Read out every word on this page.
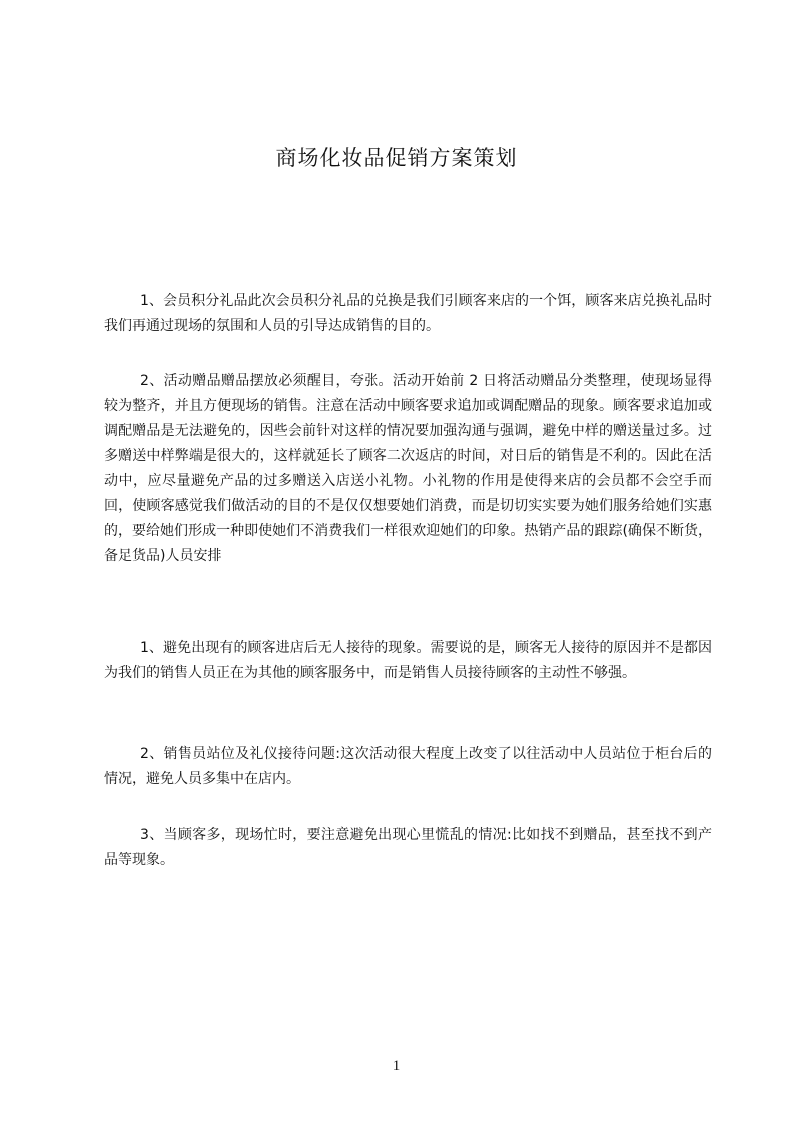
商场化妆品促销方案策划

1、会员积分礼品此次会员积分礼品的兑换是我们引顾客来店的一个饵，顾客来店兑换礼品时我们再通过现场的氛围和人员的引导达成销售的目的。

2、活动赠品赠品摆放必须醒目，夸张。活动开始前 2 日将活动赠品分类整理，使现场显得较为整齐，并且方便现场的销售。注意在活动中顾客要求追加或调配赠品的现象。顾客要求追加或调配赠品是无法避免的，因些会前针对这样的情况要加强沟通与强调，避免中样的赠送量过多。过多赠送中样弊端是很大的，这样就延长了顾客二次返店的时间，对日后的销售是不利的。因此在活动中，应尽量避免产品的过多赠送入店送小礼物。小礼物的作用是使得来店的会员都不会空手而回，使顾客感觉我们做活动的目的不是仅仅想要她们消费，而是切切实实要为她们服务给她们实惠的，要给她们形成一种即使她们不消费我们一样很欢迎她们的印象。热销产品的跟踪(确保不断货，备足货品)人员安排

1、避免出现有的顾客进店后无人接待的现象。需要说的是，顾客无人接待的原因并不是都因为我们的销售人员正在为其他的顾客服务中，而是销售人员接待顾客的主动性不够强。

2、销售员站位及礼仪接待问题:这次活动很大程度上改变了以往活动中人员站位于柜台后的情况，避免人员多集中在店内。

3、当顾客多，现场忙时，要注意避免出现心里慌乱的情况:比如找不到赠品，甚至找不到产品等现象。

1
